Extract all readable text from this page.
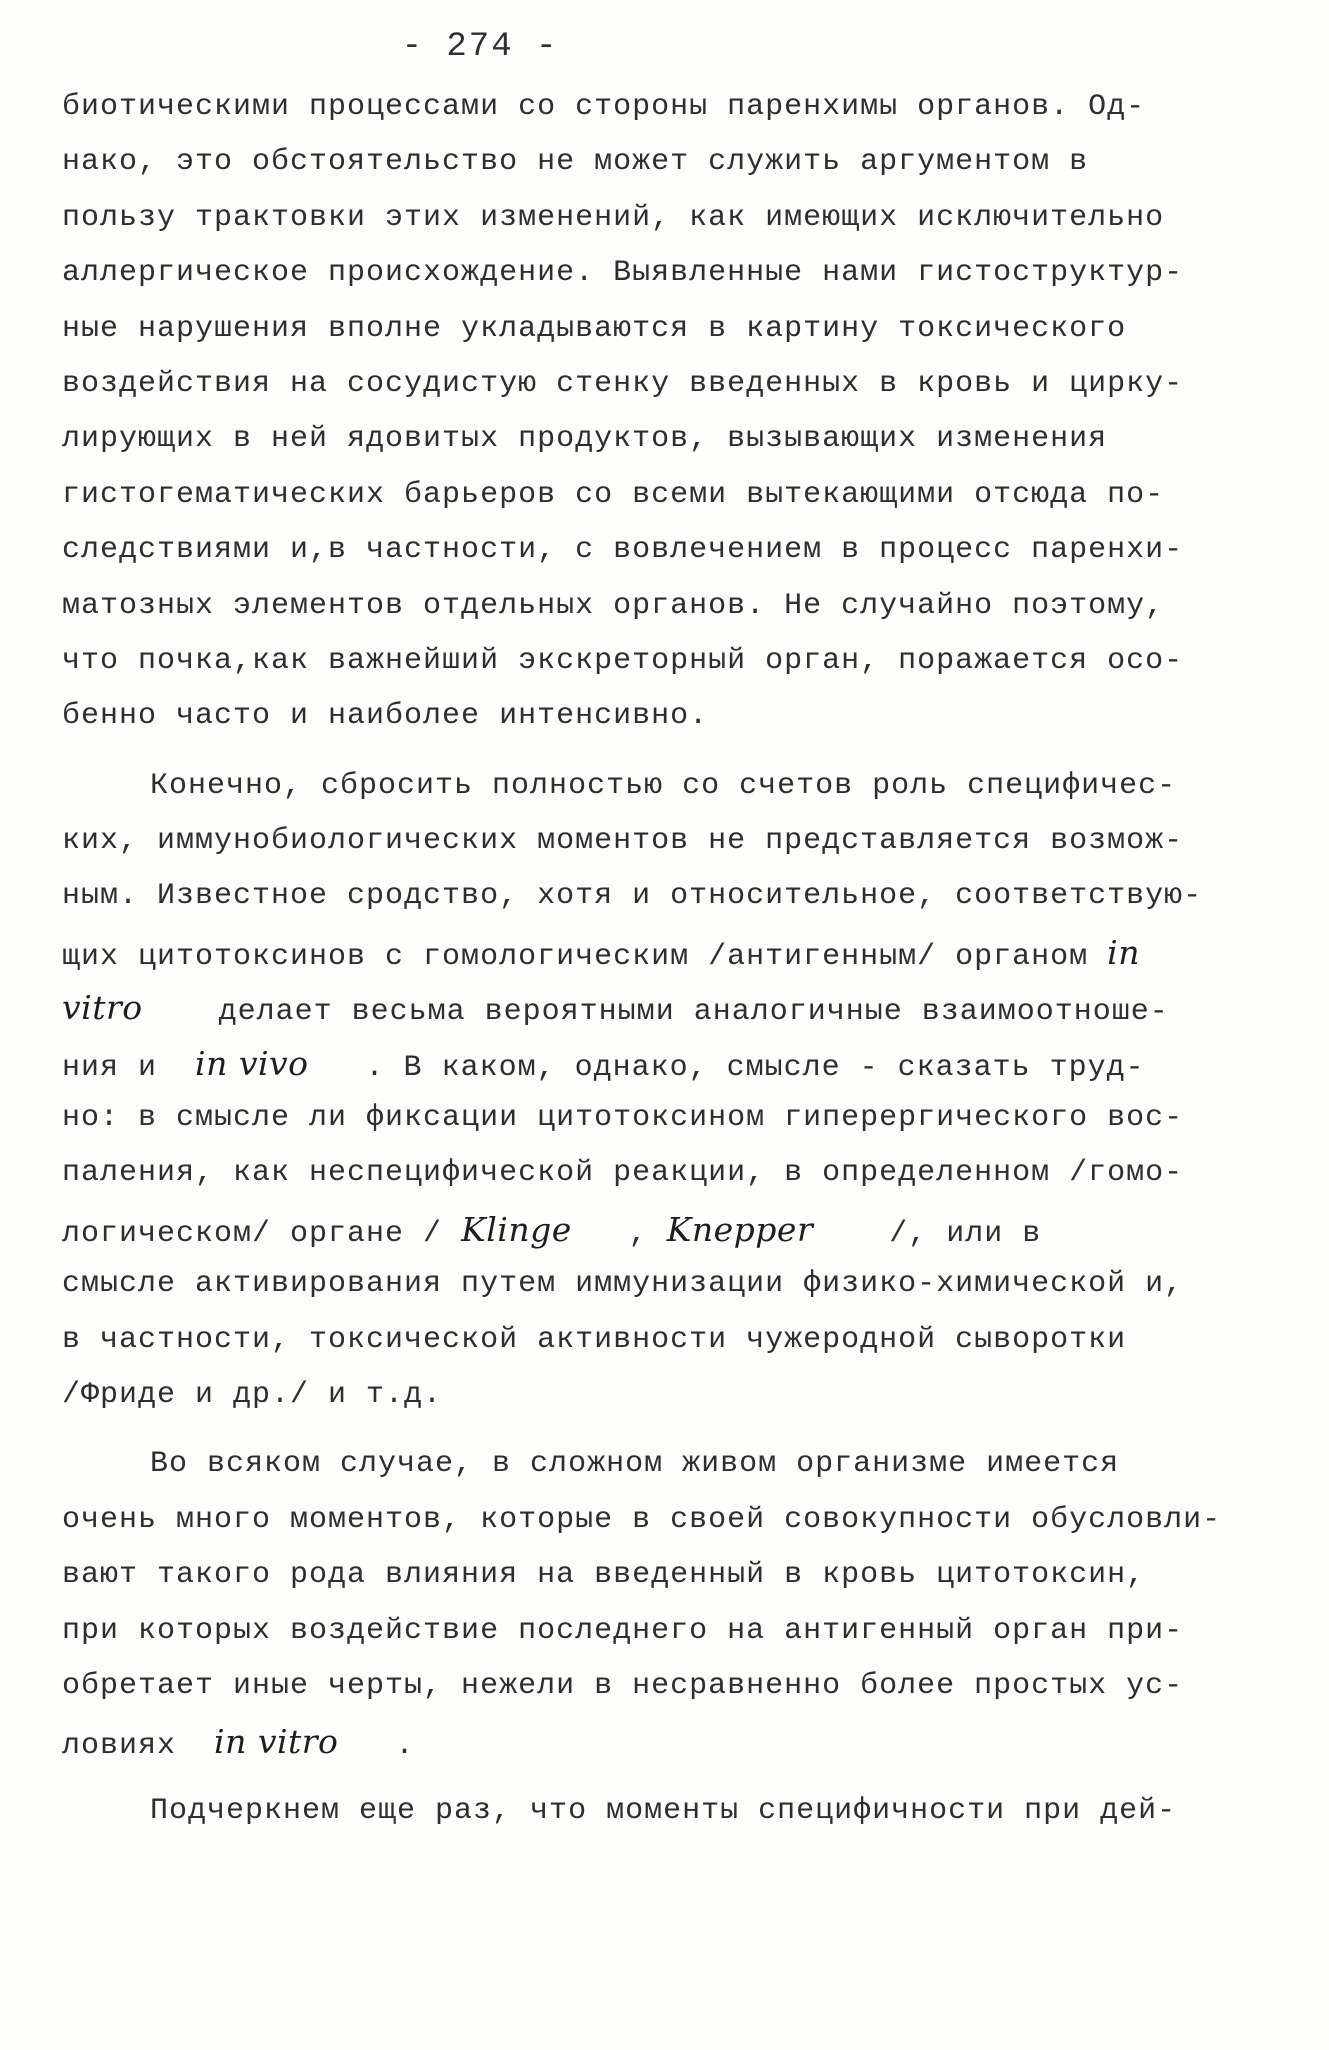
- 274 -
биотическими процессами со стороны паренхимы органов. Од-
нако, это обстоятельство не может служить аргументом в
пользу трактовки этих изменений, как имеющих исключительно
аллергическое происхождение. Выявленные нами гистоструктур-
ные нарушения вполне укладываются в картину токсического
воздействия на сосудистую стенку введенных в кровь и цирку-
лирующих в ней ядовитых продуктов, вызывающих изменения
гистогематических барьеров со всеми вытекающими отсюда по-
следствиями и,в частности, с вовлечением в процесс паренхи-
матозных элементов отдельных органов. Не случайно поэтому,
что почка,как важнейший экскреторный орган, поражается осо-
бенно часто и наиболее интенсивно.
Конечно, сбросить полностью со счетов роль специфичес-
ких, иммунобиологических моментов не представляется возмож-
ным. Известное сродство, хотя и относительное, соответствую-
щих цитотоксинов с гомологическим /антигенным/ органом in
vitro    делает весьма вероятными аналогичные взаимоотноше-
ния и  in vivo   . В каком, однако, смысле - сказать труд-
но: в смысле ли фиксации цитотоксином гиперергического вос-
паления, как неспецифической реакции, в определенном /гомо-
логическом/ органе / Klinge   , Knepper    /, или в
смысле активирования путем иммунизации физико-химической и,
в частности, токсической активности чужеродной сыворотки
/Фриде и др./ и т.д.
Во всяком случае, в сложном живом организме имеется
очень много моментов, которые в своей совокупности обусловли-
вают такого рода влияния на введенный в кровь цитотоксин,
при которых воздействие последнего на антигенный орган при-
обретает иные черты, нежели в несравненно более простых ус-
ловиях  in vitro   .
Подчеркнем еще раз, что моменты специфичности при дей-
